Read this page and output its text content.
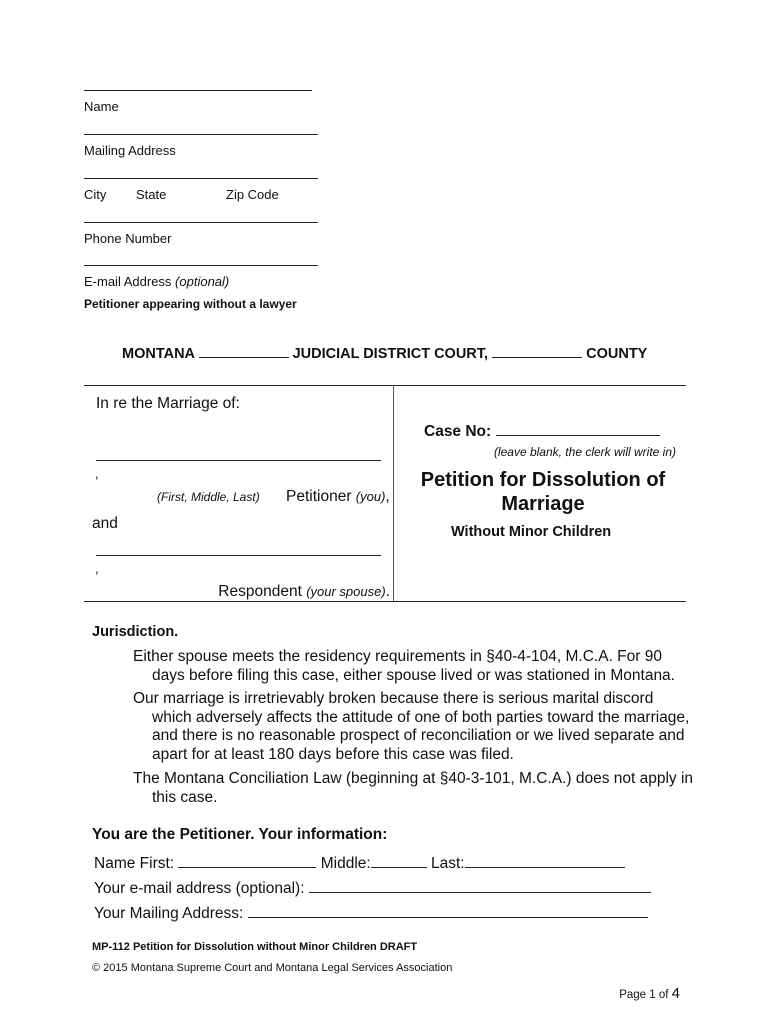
Name
Mailing Address
City State	Zip Code
Phone Number
E-mail Address (optional)
Petitioner appearing without a lawyer
MONTANA	JUDICIAL DISTRICT COURT,	COUNTY
In re the Marriage of:
,
(First, Middle, Last) Petitioner (you),
and
,
Respondent (your spouse).
Case No:
(leave blank, the clerk will write in)
Petition for Dissolution of
Marriage
Without Minor Children
Jurisdiction.
Either spouse meets the residency requirements in §40-4-104, M.C.A. For 90 days before filing this case, either spouse lived or was stationed in Montana.
Our marriage is irretrievably broken because there is serious marital discord which adversely affects the attitude of one of both parties toward the marriage, and there is no reasonable prospect of reconciliation or we lived separate and apart for at least 180 days before this case was filed.
The Montana Conciliation Law (beginning at §40-3-101, M.C.A.) does not apply in this case.
You are the Petitioner. Your information:
Name First:	Middle:	Last:
Your e-mail address (optional):
Your Mailing Address:
MP-112 Petition for Dissolution without Minor Children DRAFT
© 2015 Montana Supreme Court and Montana Legal Services Association
Page 1 of 4
